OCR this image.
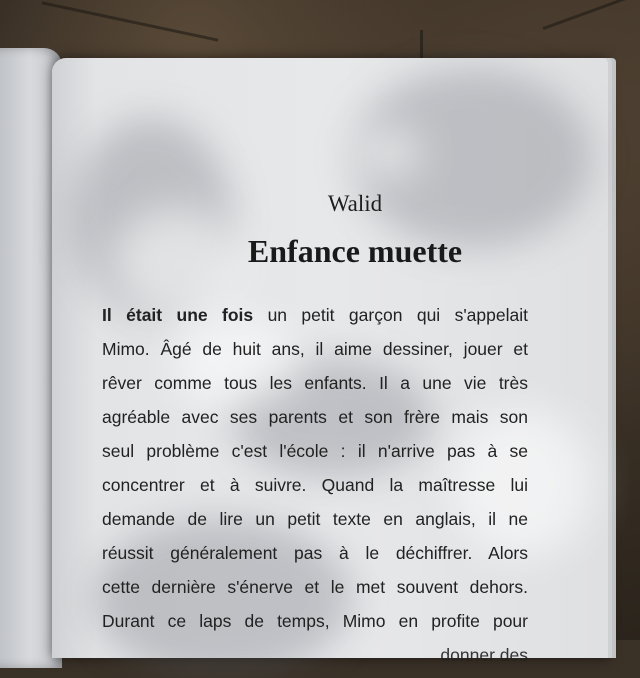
Walid
Enfance muette
Il était une fois un petit garçon qui s'appelait
Mimo. Âgé de huit ans, il aime dessiner, jouer et
rêver comme tous les enfants. Il a une vie très
agréable avec ses parents et son frère mais son
seul problème c'est l'école : il n'arrive pas à se
concentrer et à suivre. Quand la maîtresse lui
demande de lire un petit texte en anglais, il ne
réussit généralement pas à le déchiffrer. Alors
cette dernière s'énerve et le met souvent dehors.
Durant ce laps de temps, Mimo en profite pour
donner des
